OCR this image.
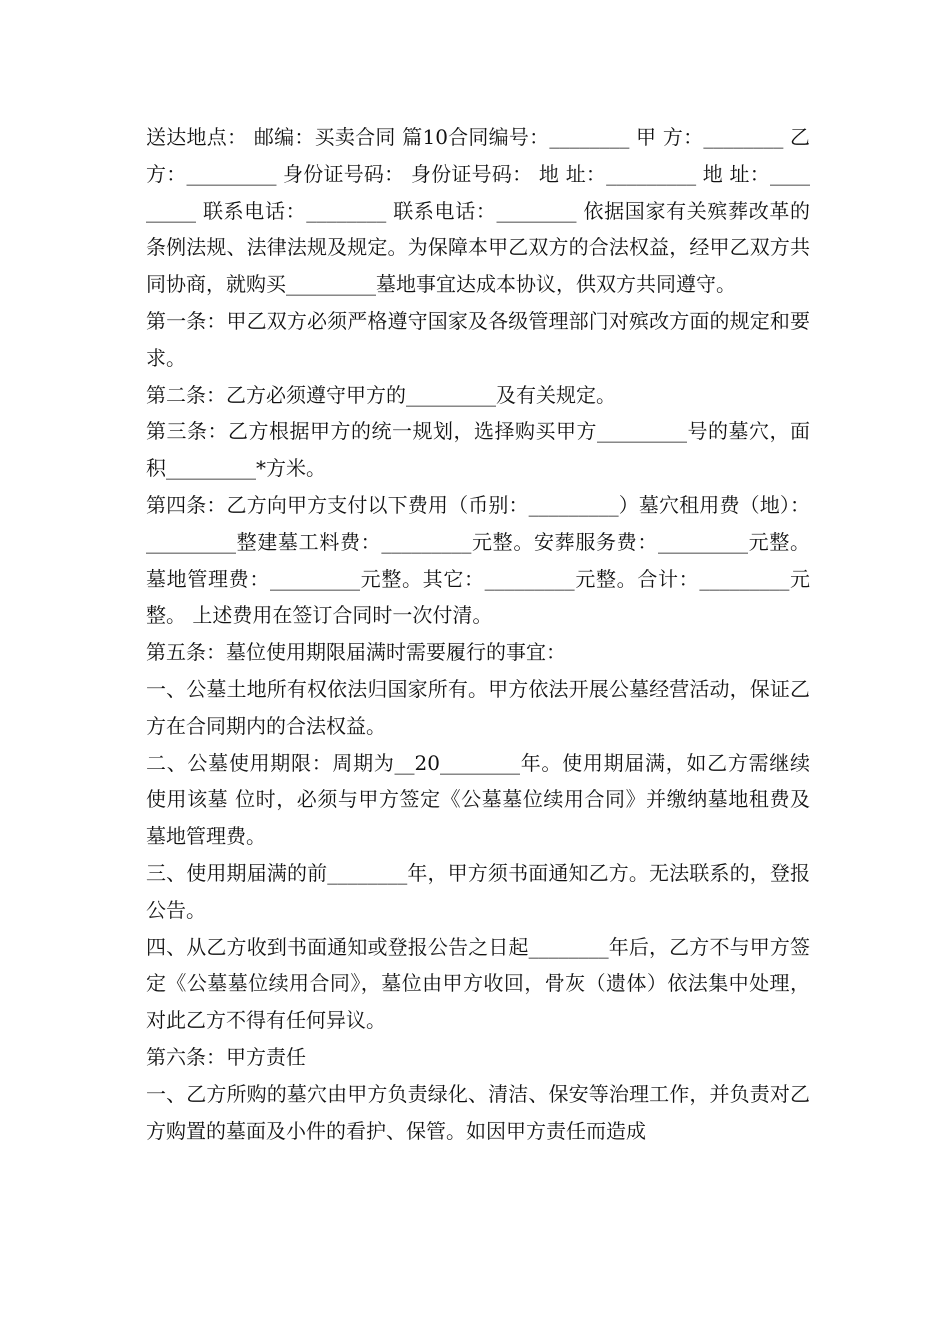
送达地点： 邮编：买卖合同 篇10合同编号：________ 甲 方：________ 乙 方：_________ 身份证号码： 身份证号码： 地 址：_________ 地 址：_________ 联系电话：________ 联系电话：________ 依据国家有关殡葬改革的条例法规、法律法规及规定。为保障本甲乙双方的合法权益，经甲乙双方共同协商，就购买_________墓地事宜达成本协议，供双方共同遵守。

第一条：甲乙双方必须严格遵守国家及各级管理部门对殡改方面的规定和要求。

第二条：乙方必须遵守甲方的_________及有关规定。

第三条：乙方根据甲方的统一规划，选择购买甲方_________号的墓穴，面积_________*方米。

第四条：乙方向甲方支付以下费用（币别：_________）墓穴租用费（地）：_________整建墓工料费：_________元整。安葬服务费：_________元整。墓地管理费：_________元整。其它：_________元整。合计：_________元整。 上述费用在签订合同时一次付清。

第五条：墓位使用期限届满时需要履行的事宜：

一、公墓土地所有权依法归国家所有。甲方依法开展公墓经营活动，保证乙方在合同期内的合法权益。

二、公墓使用期限：周期为__20________年。使用期届满，如乙方需继续使用该墓 位时，必须与甲方签定《公墓墓位续用合同》并缴纳墓地租费及墓地管理费。

三、使用期届满的前________年，甲方须书面通知乙方。无法联系的，登报公告。

四、从乙方收到书面通知或登报公告之日起________年后，乙方不与甲方签定《公墓墓位续用合同》，墓位由甲方收回，骨灰（遗体）依法集中处理，对此乙方不得有任何异议。

第六条：甲方责任

一、乙方所购的墓穴由甲方负责绿化、清洁、保安等治理工作，并负责对乙方购置的墓面及小件的看护、保管。如因甲方责任而造成
